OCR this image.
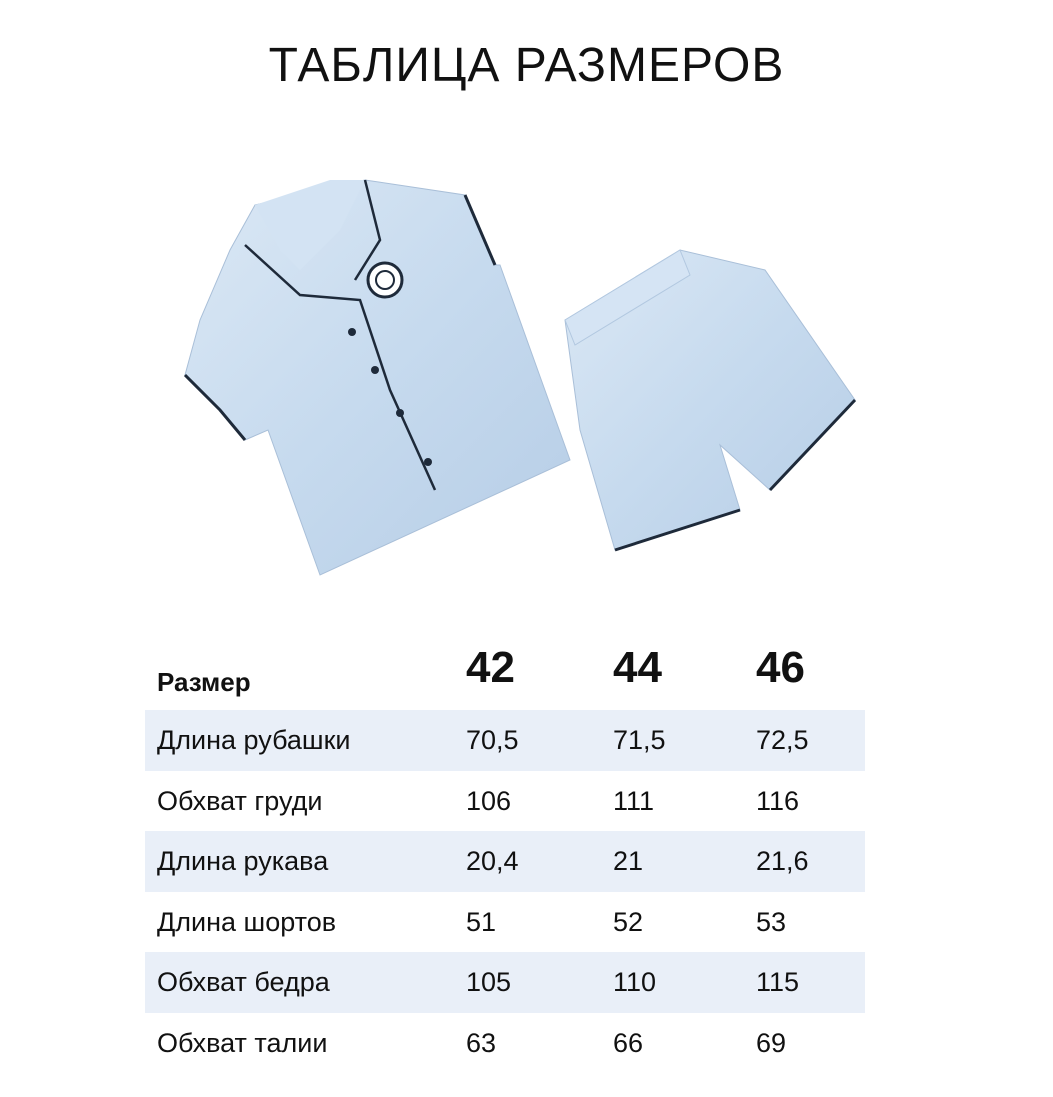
ТАБЛИЦА РАЗМЕРОВ
Размер	42 44 46
Длина рубашки	70,5	71,5	72,5
Обхват груди	106	111	116
Длина рукава	20,4	21	21,6
Длина шортов	51	52	53
Обхват бедра	105	110	115
Обхват талии	63	66	69
